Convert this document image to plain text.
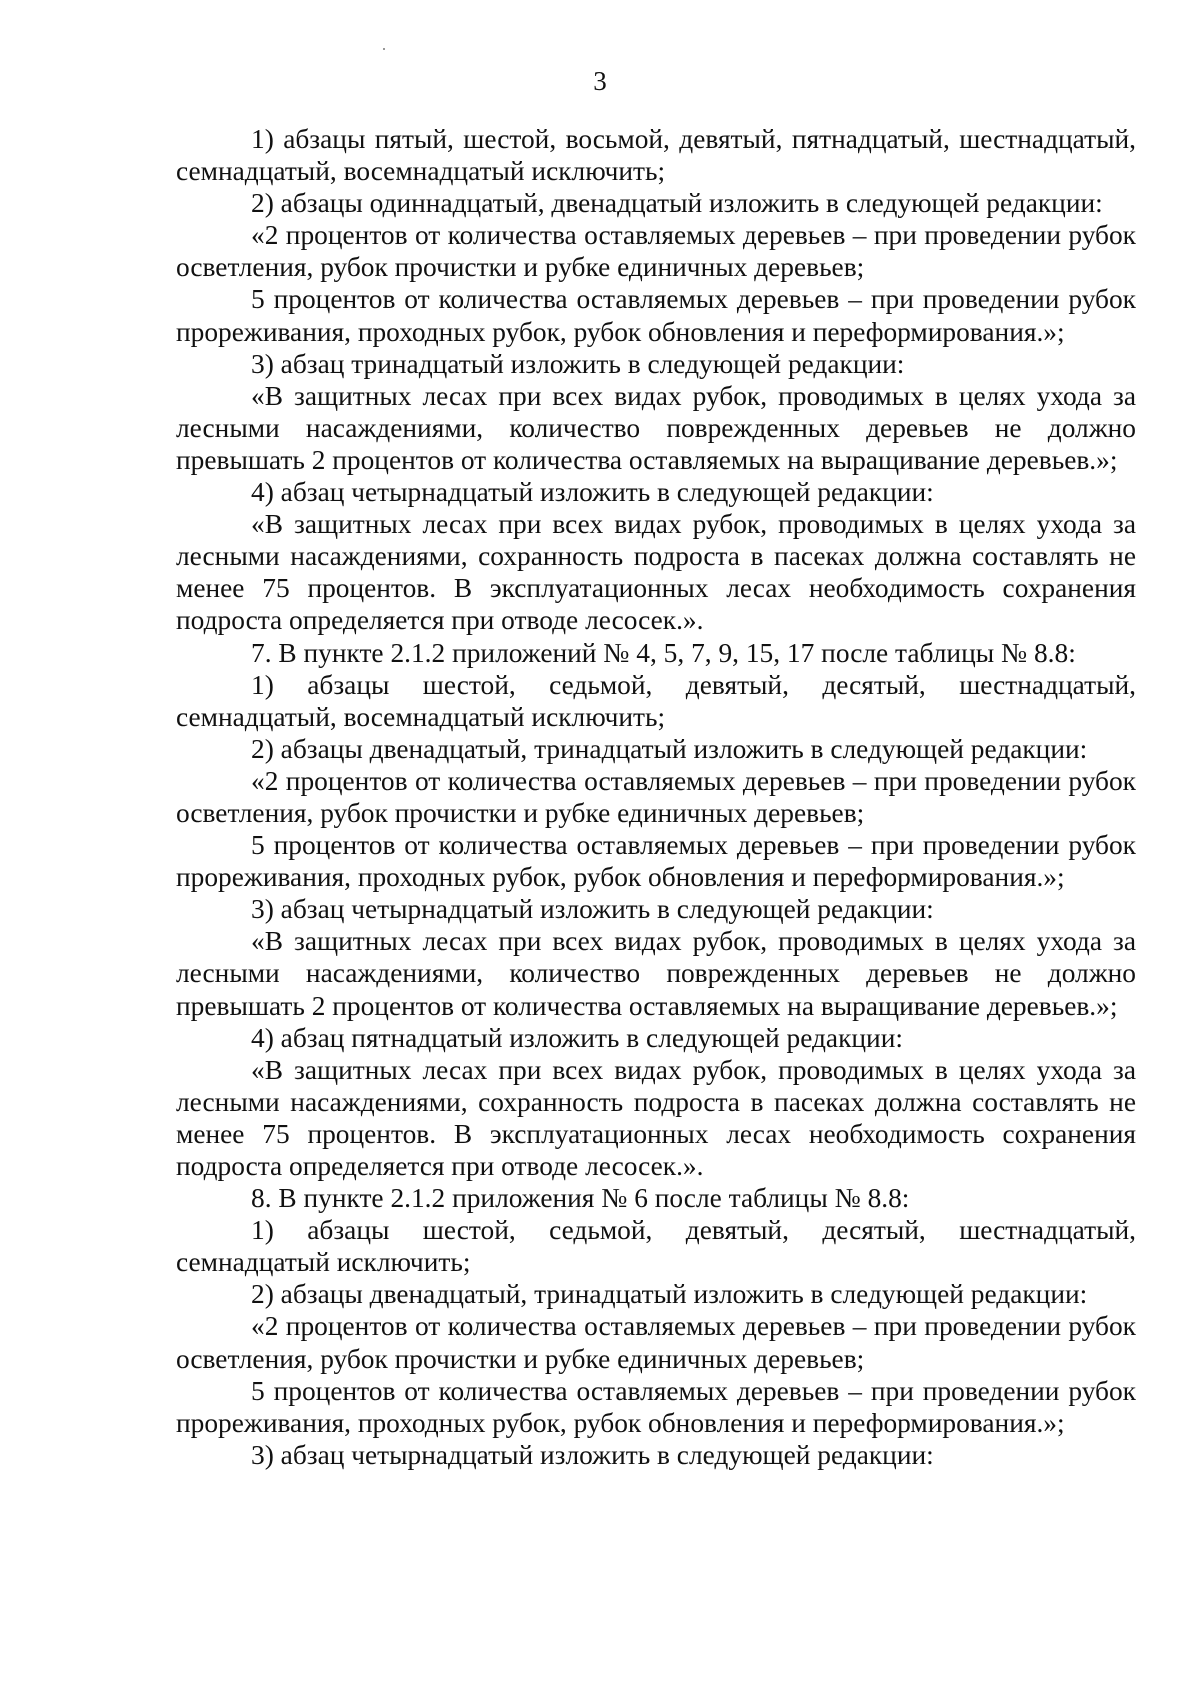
3

1) абзацы пятый, шестой, восьмой, девятый, пятнадцатый, шестнадцатый, семнадцатый, восемнадцатый исключить;

2) абзацы одиннадцатый, двенадцатый изложить в следующей редакции:

«2 процентов от количества оставляемых деревьев – при проведении рубок осветления, рубок прочистки и рубке единичных деревьев;

5 процентов от количества оставляемых деревьев – при проведении рубок прореживания, проходных рубок, рубок обновления и переформирования.»;

3) абзац тринадцатый изложить в следующей редакции:

«В защитных лесах при всех видах рубок, проводимых в целях ухода за лесными насаждениями, количество поврежденных деревьев не должно превышать 2 процентов от количества оставляемых на выращивание деревьев.»;

4) абзац четырнадцатый изложить в следующей редакции:

«В защитных лесах при всех видах рубок, проводимых в целях ухода за лесными насаждениями, сохранность подроста в пасеках должна составлять не менее 75 процентов. В эксплуатационных лесах необходимость сохранения подроста определяется при отводе лесосек.».

7. В пункте 2.1.2 приложений № 4, 5, 7, 9, 15, 17 после таблицы № 8.8:

1) абзацы шестой, седьмой, девятый, десятый, шестнадцатый, семнадцатый, восемнадцатый исключить;

2) абзацы двенадцатый, тринадцатый изложить в следующей редакции:

«2 процентов от количества оставляемых деревьев – при проведении рубок осветления, рубок прочистки и рубке единичных деревьев;

5 процентов от количества оставляемых деревьев – при проведении рубок прореживания, проходных рубок, рубок обновления и переформирования.»;

3) абзац четырнадцатый изложить в следующей редакции:

«В защитных лесах при всех видах рубок, проводимых в целях ухода за лесными насаждениями, количество поврежденных деревьев не должно превышать 2 процентов от количества оставляемых на выращивание деревьев.»;

4) абзац пятнадцатый изложить в следующей редакции:

«В защитных лесах при всех видах рубок, проводимых в целях ухода за лесными насаждениями, сохранность подроста в пасеках должна составлять не менее 75 процентов. В эксплуатационных лесах необходимость сохранения подроста определяется при отводе лесосек.».

8. В пункте 2.1.2 приложения № 6 после таблицы № 8.8:

1) абзацы шестой, седьмой, девятый, десятый, шестнадцатый, семнадцатый исключить;

2) абзацы двенадцатый, тринадцатый изложить в следующей редакции:

«2 процентов от количества оставляемых деревьев – при проведении рубок осветления, рубок прочистки и рубке единичных деревьев;

5 процентов от количества оставляемых деревьев – при проведении рубок прореживания, проходных рубок, рубок обновления и переформирования.»;

3) абзац четырнадцатый изложить в следующей редакции:
